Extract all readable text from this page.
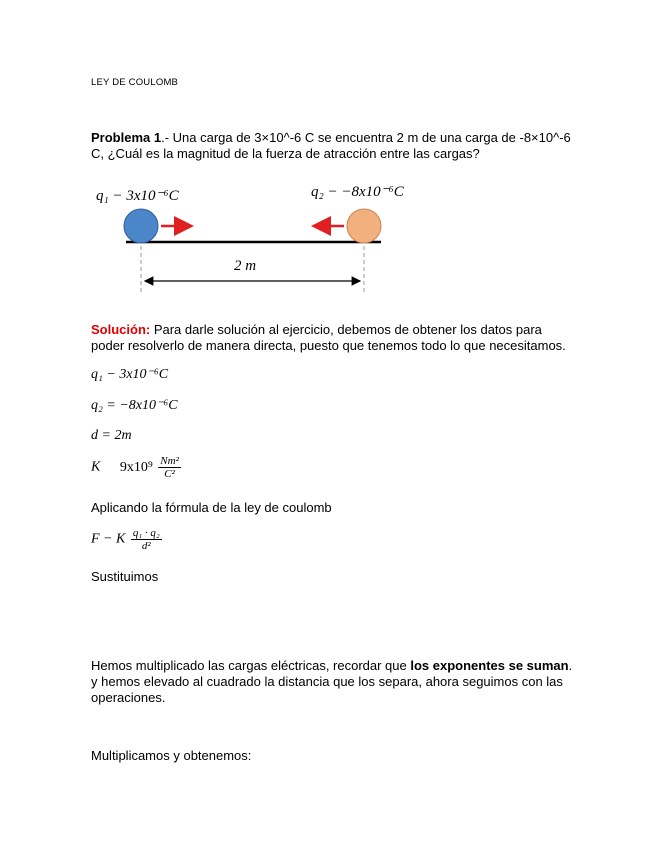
LEY DE COULOMB
Problema 1.- Una carga de 3×10^-6 C se encuentra 2 m de una carga de -8×10^-6 C, ¿Cuál es la magnitud de la fuerza de atracción entre las cargas?
q₁ − 3x10⁻⁶C	q₂ − −8x10⁻⁶C
2 m
Solución: Para darle solución al ejercicio, debemos de obtener los datos para poder resolverlo de manera directa, puesto que tenemos todo lo que necesitamos.
q₁ − 3x10⁻⁶C
q₂ = −8x10⁻⁶C
d = 2m
K $9x10^9 \frac{\text{Nm²}}{\text{C²}}$
Aplicando la fórmula de la ley de coulomb
F − K $\frac{\text{q₁ · q₂}}{\text{d²}}$
Sustituimos
Hemos multiplicado las cargas eléctricas, recordar que los exponentes se suman. y hemos elevado al cuadrado la distancia que los separa, ahora seguimos con las operaciones.
Multiplicamos y obtenemos:
